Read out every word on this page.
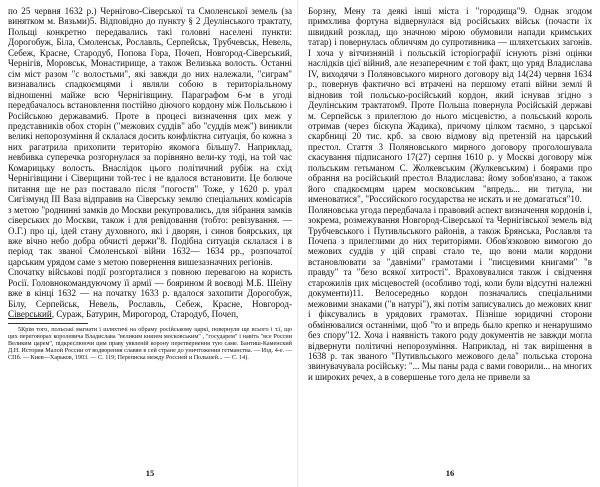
по 25 червня 1632 р.) Чернігово-Сіверської та Смоленської земель (за винятком м. Вязьми)5. Відповідно до пункту § 2 Деулінського трактату, Польщі конкретно передавались такі головні населені пункти: Дорогобуж, Біла, Смоленськ, Рославль, Серпейськ, Трубчевськ, Невель, Себеж, Красне, Стародуб, Попова Гора, Почеп, Новгород-Сіверський, Чернігів, Моровськ, Монастирище, а також Велизька волость. Останні сім міст разом "с волостьми", які завжди до них належали, "сиграм" визнавались спадкоємцями і являли собою в територіальному відношенні майже всю Чернігівщину. Параграфом 6-м в угоді передбачалось встановлення постійно діючого кордону між Польською і Російською державами6. Проте в процесі визначення цих меж у представників обох сторін ("межових суддів" або "суддів меж") виникли великі непорозуміння й склалася досить конфліктна ситуація, бо кожна з них рагатрила прихопити територію якомога більшу7. Наприклад, невбивка суперечка розгорнулася за порівняно вели-ку тоді, на той час Комарицьку волость. Внаслідок цього політичний рубіж на схід Чернігівщини і Сіверщини той-тес і не вдалося встановити. Це болюче питання ще не раз поставало після "погостя" Тоже, у 1620 р. урал Сигізмунд III Ваза відправив на Сіверську землю спеціальних комісарів з метою "роднинні замків до Москви рекупровались, для зібрання замків сіверських до Москви, також і для ревідовання (тобто: ревізування. — О.Г.) про ці, ідей стану духовного, які і дворян, і синов боярських, ця вже вічно небо добра обчисті держи"8. Подібна ситуація склалася і в період так званої Смоленської війни 1632— 1634 рр., розпочатої царським урядом саме з метою повернення вишезазначних регіонів.

Спочатку військові події розгорталися з повною перевагою на користь Росії. Головнокомандуючому її армії — боярином й воєводі М.Б. Шеїну вже в кінці 1632 — на початку 1633 р. вдалося захопити Дорогобуж, Білу, Серпейськ, Невель, Рославль, Себеж, Красне, Новгород-Сіверський, Сураж, Батурин, Мирогород, Стародуб, Почеп,

5Крім того, польські магнати і шляхтичі на обраму російському царкі, повернули ще всього і т.ї, що цих переговорах королевича Владислава "великим князем московським" , "государем" і навіть "все России Великим царем", підкреслюючи цим праву уявленій корону перетвернення тую саме. Бантиш-Каменский Д.Н. История Малой России от водворения славян в сей стране до уничтожения гетманства. — Изд. 4-е. — СПб. — Киев—Харьков, 1903. — С. 119; Переписка между Россией и Польшей... — С. 14).

15

Борзну, Мену та деякі інші міста і "городища"9. Однак згодом примхлива фортуна відвернулася від російських військ (почасти їх швидкий розклад, що значною мірою обумовили напади кримських татар) і повернулась обличчям до супротивника — шляхетських загонів. І хоча у вітчизняній і польській історіографії існують різні оцінки наслідків цієї війни8, але незаперечним є той факт, що уряд Владислава IV, виходячи з Поляновського мирного договору від 14(24) червня 1634 р., повернув фактично всі втрачені на першому етапі війни землі й відновив той польсько-російський кордон, який існував згідно з Деулінським трактатом9. Проте Польша повернула Російській державі м. Серпейськ з прилеглою до нього місцевістю, а польський король отримав (через біскупа Жадика), причому цілком таємно, з царської скарбниці 20 тис. крб. за свою відмову від претензій на царський престол. Стаття 3 Поляновського мирного договору проголошувала скасування підписаного 17(27) серпня 1610 р. у Москві договору між польським гетьманом С. Жолкевським (Жулкевським) і боярами про обрання на російський престол Владислава: йому зобов'язано, а також його спадкоємцям царем московським "впредь... ни титула, ни именоватися", "Российского государства не искать и не домагаться"10.

Поляновська угода передбачала і правовий аспект визначення кордонів і, зокрема, розмежування Новгород-Сіверської та Чернігівської земель від Трубчевського і Путивльського районів, а також Брянська, Рославля та Почепа з прилеглими до них територіями. Обов'язковою вимогою до межових суддів у цій справі стало те, що вони мали кордони встановлювати за "давніми" грамотами і "писцевими книгами" "в правду" та "безо всякої хитрості". Враховувалися також і свідчення старожилів цих місцевостей (особливо тоді, коли були відсутні належні документи)11. Велосередньо кордон позначались спеціальними межовими знаками ("в натурі"), які потім записувались до межових книг і фіксувались в урядових грамотах. Пізніше юридичні сторони обмінювалися останніми, щоб "то и впредь было крепко и ненарушимо без спору"12. Хоча і наявність такого роду документів не завжди могла відвернути політичні непорозуміння. Наприклад, ні так вирішення в 1638 р. так званого "Путивльського межового дела" польська сторона звинувачувала російську: "... Мы паны рада с вами говорили... на многих и широких речех, а в совершенье того дела не привели за

16
